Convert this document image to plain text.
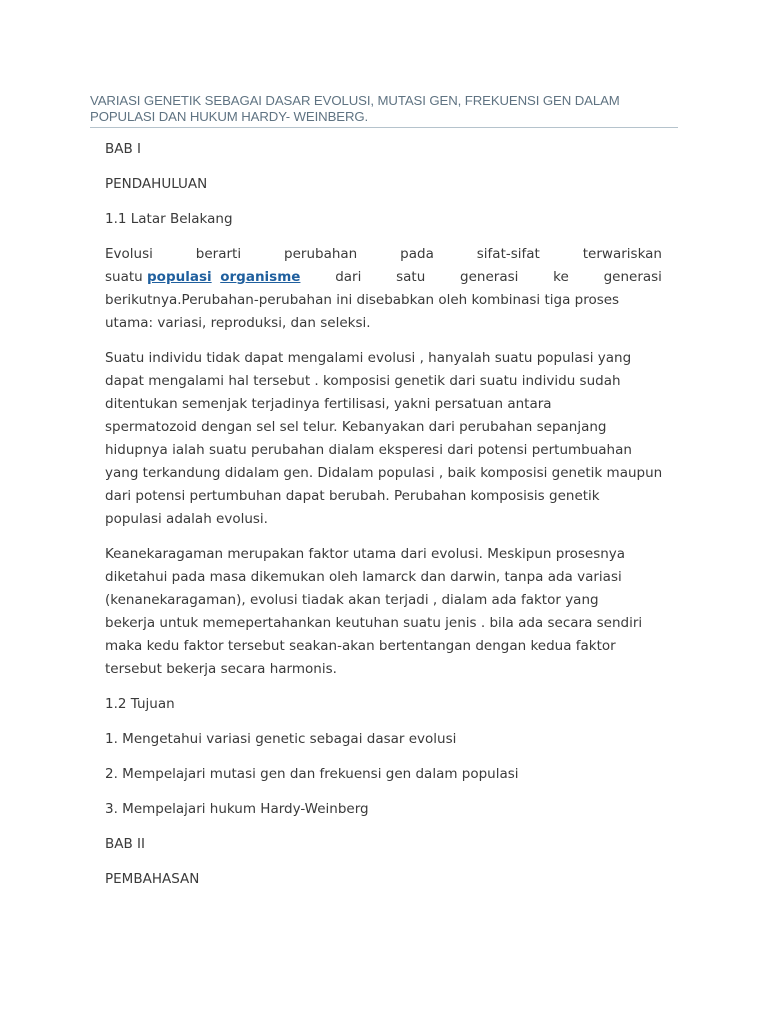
VARIASI GENETIK SEBAGAI DASAR EVOLUSI, MUTASI GEN, FREKUENSI GEN DALAM
POPULASI DAN HUKUM HARDY- WEINBERG.
BAB I
PENDAHULUAN
1.1 Latar Belakang
Evolusi	berarti	perubahan	pada	sifat-sifat	terwariskan
suatu populasi organisme	dari	satu	generasi	ke	generasi
berikutnya.Perubahan-perubahan ini disebabkan oleh kombinasi tiga proses
utama: variasi, reproduksi, dan seleksi.
Suatu individu tidak dapat mengalami evolusi , hanyalah suatu populasi yang
dapat mengalami hal tersebut . komposisi genetik dari suatu individu sudah
ditentukan semenjak terjadinya fertilisasi, yakni persatuan antara
spermatozoid dengan sel sel telur. Kebanyakan dari perubahan sepanjang
hidupnya ialah suatu perubahan dialam eksperesi dari potensi pertumbuahan
yang terkandung didalam gen. Didalam populasi , baik komposisi genetik maupun
dari potensi pertumbuhan dapat berubah. Perubahan komposisis genetik
populasi adalah evolusi.
Keanekaragaman merupakan faktor utama dari evolusi. Meskipun prosesnya
diketahui pada masa dikemukan oleh lamarck dan darwin, tanpa ada variasi
(kenanekaragaman), evolusi tiadak akan terjadi , dialam ada faktor yang
bekerja untuk memepertahankan keutuhan suatu jenis . bila ada secara sendiri
maka kedu faktor tersebut seakan-akan bertentangan dengan kedua faktor
tersebut bekerja secara harmonis.
1.2 Tujuan
1. Mengetahui variasi genetic sebagai dasar evolusi
2. Mempelajari mutasi gen dan frekuensi gen dalam populasi
3. Mempelajari hukum Hardy-Weinberg
BAB II
PEMBAHASAN
